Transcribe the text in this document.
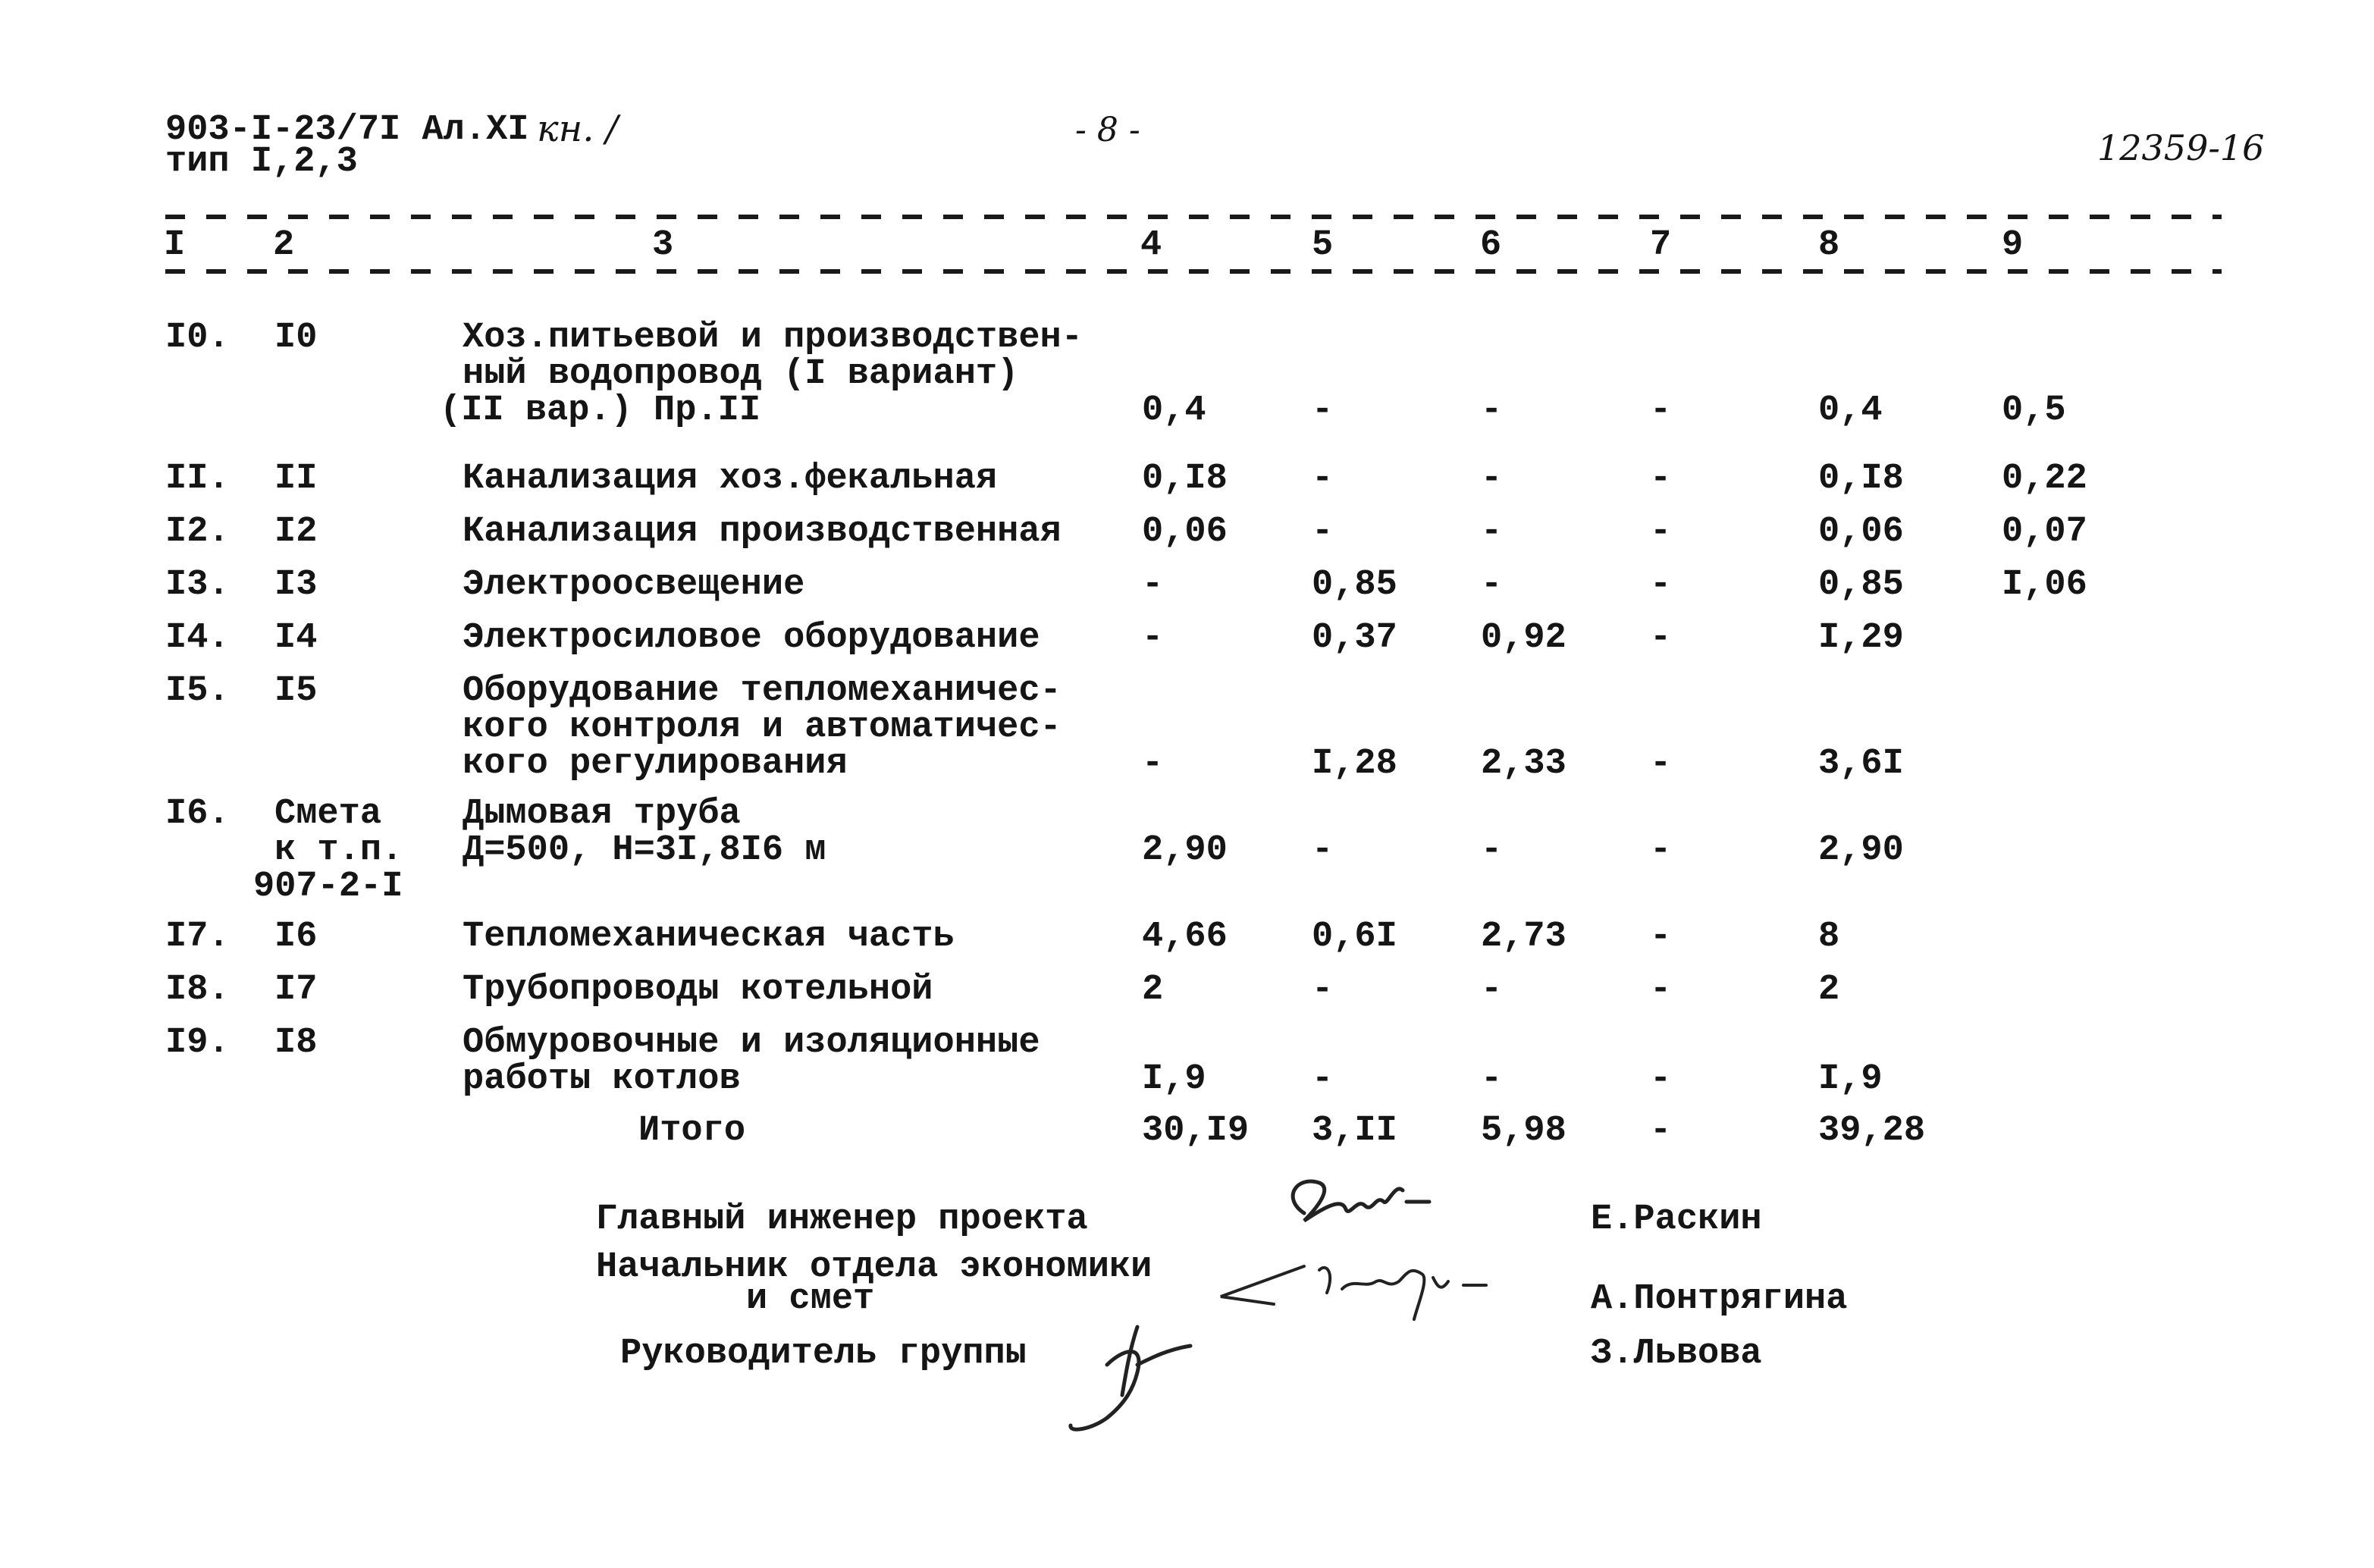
903-I-23/7I Ал.XI кн. /
тип I,2,3
- 8 -	12359-16
I 2	3	4	5	6	7	8	9
I0. I0	Хоз.питьевой и производствен-
ный водопровод (I вариант)
(II вар.) Пр.II	0,4	-	-	-	0,4	0,5
II. II	Канализация хоз.фекальная	0,I8 -	-	-	0,I8	0,22
I2. I2	Канализация производственная 0,06 -	-	-	0,06	0,07
I3. I3	Электроосвещение	-	0,85 -	-	0,85	I,06
I4. I4	Электросиловое оборудование	-	0,37 0,92 -	I,29
I5. I5	Оборудование тепломеханичес-
кого контроля и автоматичес-
кого регулирования	-	I,28 2,33 -	3,6I
I6. Смета
к т.п.
907-2-I
Дымовая труба
Д=500, Н=3I,8I6 м	2,90 -	-	-	2,90
I7. I6	Тепломеханическая часть	4,66 0,6I 2,73 -	8
I8. I7	Трубопроводы котельной	2	-	-	-	2
I9. I8	Обмуровочные и изоляционные
работы котлов	I,9	-	-	-	I,9
Итого	30,I9 3,II 5,98 -	39,28
Главный инженер проекта	Е.Раскин
Начальник отдела экономики
и смет	А.Понтрягина
Руководитель группы	З.Львова
